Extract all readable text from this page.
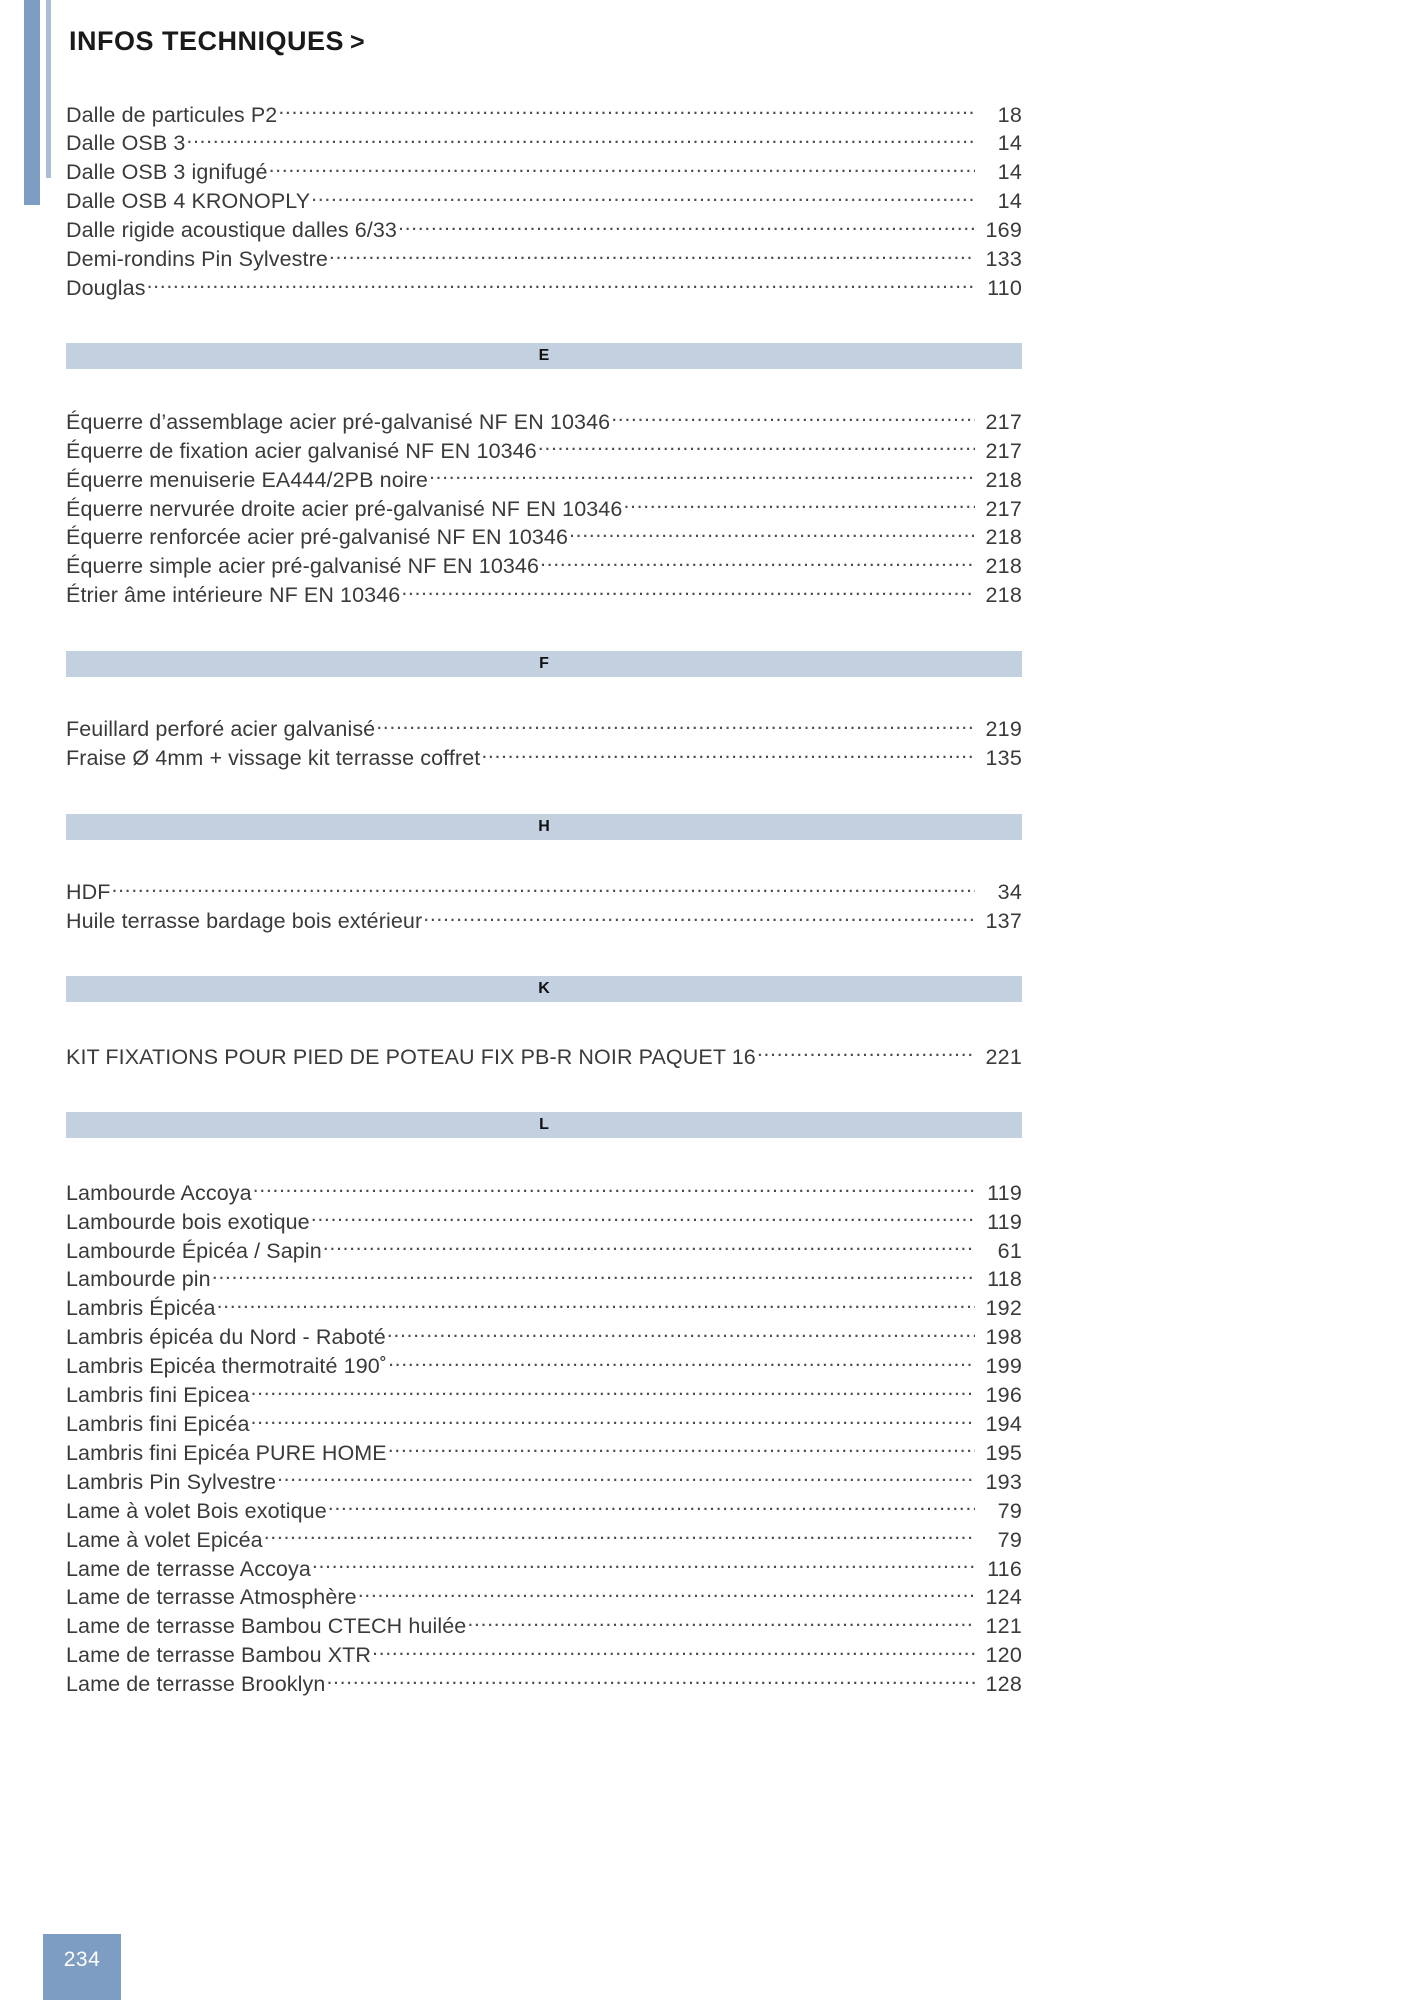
INFOS TECHNIQUES >
Dalle de particules P2 .....	18
Dalle OSB 3 .....	14
Dalle OSB 3 ignifugé .....	14
Dalle OSB 4 KRONOPLY .....	14
Dalle rigide acoustique dalles 6/33 .....	169
Demi-rondins Pin Sylvestre .....	133
Douglas .....	110
E
Équerre d’assemblage acier pré-galvanisé NF EN 10346 .....	217
Équerre de fixation acier galvanisé NF EN 10346 .....	217
Équerre menuiserie EA444/2PB noire .....	218
Équerre nervurée droite acier pré-galvanisé NF EN 10346 .....	217
Équerre renforcée acier pré-galvanisé NF EN 10346 .....	218
Équerre simple acier pré-galvanisé NF EN 10346 .....	218
Étrier âme intérieure NF EN 10346 .....	218
F
Feuillard perforé acier galvanisé .....	219
Fraise Ø 4mm + vissage kit terrasse coffret .....	135
H
HDF .....	34
Huile terrasse bardage bois extérieur .....	137
K
KIT FIXATIONS POUR PIED DE POTEAU FIX PB-R NOIR PAQUET 16 .....	221
L
Lambourde Accoya .....	119
Lambourde bois exotique .....	119
Lambourde Épicéa / Sapin .....	61
Lambourde pin .....	118
Lambris Épicéa .....	192
Lambris épicéa du Nord - Raboté .....	198
Lambris Epicéa thermotraité 190˚ .....	199
Lambris fini Epicea .....	196
Lambris fini Epicéa .....	194
Lambris fini Epicéa PURE HOME .....	195
Lambris Pin Sylvestre .....	193
Lame à volet Bois exotique .....	79
Lame à volet Epicéa .....	79
Lame de terrasse Accoya .....	116
Lame de terrasse Atmosphère .....	124
Lame de terrasse Bambou CTECH huilée .....	121
Lame de terrasse Bambou XTR .....	120
Lame de terrasse Brooklyn .....	128
234
